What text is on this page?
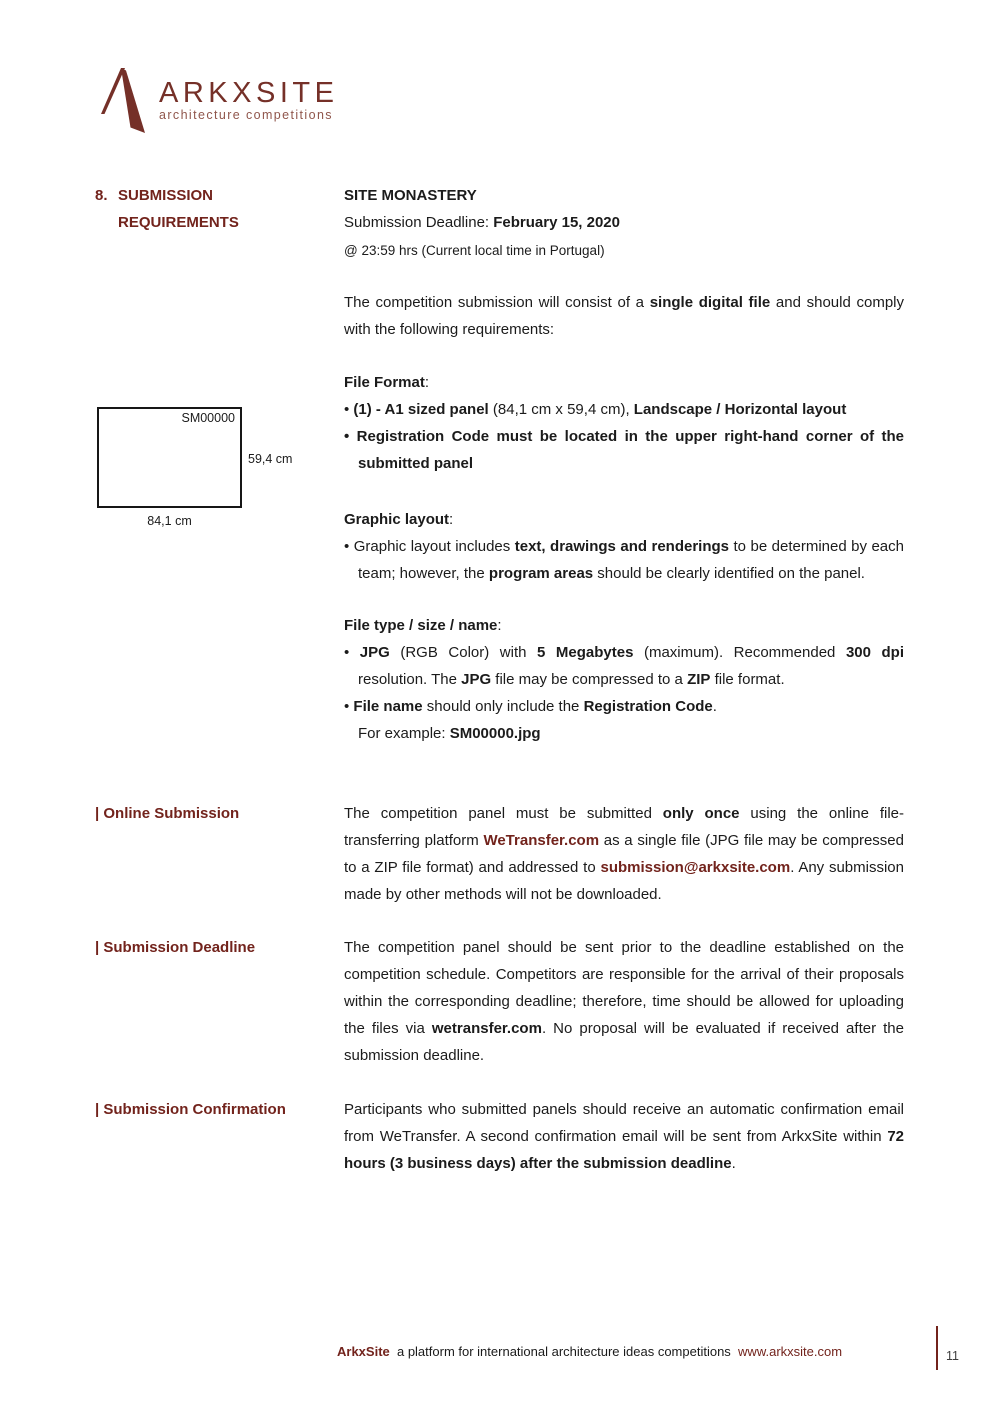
ARKXSITE
architecture competitions
8. SUBMISSION
REQUIREMENTS
SITE MONASTERY
Submission Deadline: February 15, 2020
@ 23:59 hrs (Current local time in Portugal)

The competition submission will consist of a single digital file and should comply with the following requirements:

File Format:
• (1) - A1 sized panel (84,1 cm x 59,4 cm), Landscape / Horizontal layout
• Registration Code must be located in the upper right-hand corner of the submitted panel
SM00000
59,4 cm
84,1 cm	Graphic layout:
• Graphic layout includes text, drawings and renderings to be determined by each team; however, the program areas should be clearly identified on the panel.
File type / size / name:
• JPG (RGB Color) with 5 Megabytes (maximum). Recommended 300 dpi resolution. The JPG file may be compressed to a ZIP file format.
• File name should only include the Registration Code.
For example: SM00000.jpg
| Online Submission	The competition panel must be submitted only once using the online file-transferring platform WeTransfer.com as a single file (JPG file may be compressed to a ZIP file format) and addressed to submission@arkxsite.com. Any submission made by other methods will not be downloaded.

| Submission Deadline	The competition panel should be sent prior to the deadline established on the competition schedule. Competitors are responsible for the arrival of their proposals within the corresponding deadline; therefore, time should be allowed for uploading the files via wetransfer.com. No proposal will be evaluated if received after the submission deadline.

| Submission Confirmation	Participants who submitted panels should receive an automatic confirmation email from WeTransfer. A second confirmation email will be sent from ArkxSite within 72 hours (3 business days) after the submission deadline.

ArkxSite  a platform for international architecture ideas competitions  www.arkxsite.com	11
